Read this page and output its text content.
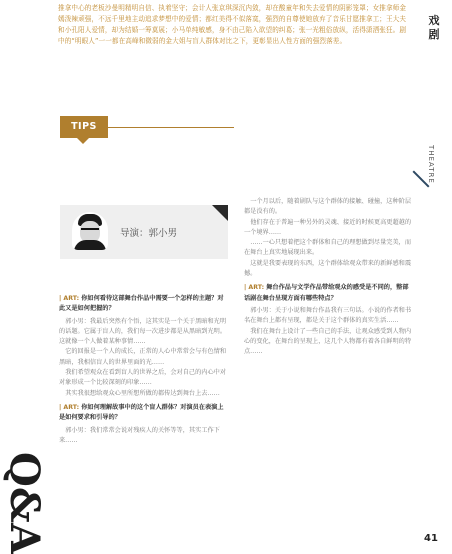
推拿中心的老板沙曼明精明自信、执着坚守；会计人张京琪深沉内敛，却在酸童年和失去爱情的阴影笼罩；女推拿师金嫣泼辣顽强，不远千里地主动追求梦想中的爱情；都红美得不似落寞，强烈的自尊使她放弃了音乐甘愿推拿工；王大夫和小孔阳人爱情，却为结婚一筹莫展；小马单纯敏感，身不由己陷入欲望的纠葛；张一光粗俗放纵，活得潇洒张狂。剧中的“明眼人”一一都在高峰和微弱的金大姐与盲人群体对比之下，更彰显出人性方面的强烈落差。

戏剧
THEATRE
TIPS
导演：郭小男
| ART: 你如何看待这部舞台作品中需要一个怎样的主题？对此又是如何把握的？

郭小男：我最后突然有个悟，这其实是一个关于黑暗和光明的话题。它属于盲人的，我们每一次进步都是从黑暗到光明。这就像一个人做着某种事情……

它的回报是一个人的成长，正常的人心中常常会与有色情和黑暗，我相信盲人的世界里面的光……

我们希望观众在看到盲人的世界之后，会对自己的内心中对对象形成一个比较深刻的印象……

其实我很想给观众心里所想所做的都传达到舞台上去……

| ART: 你如何理解故事中的这个盲人群体？对演员在表演上是如何要求和引导的？

郭小男：我们常常会说对残疾人的关怀等等，其实工作下来……

一个月以后，随着剧队与这个群体的接触、碰撞，这种阶层都是没有的。

他们存在于普遍一种另外的灵魂、接近的时候更高更超越的一个境界……

……一心只想着把这个群体和自己的理想做到尽量完美，而在舞台上真实地展现出来。

这就是我要表现的东西，这个群体给观众带来的新鲜感和震撼。

| ART: 舞台作品与文学作品带给观众的感受是不同的，整部话剧在舞台呈现方面有哪些特点？

郭小男：关于小说和舞台作品我有三句话。小说的作者和书名在舞台上都有呈现，都是关于这个群体的真实生活……

我们在舞台上设计了一些自己的手法，让观众感受到人物内心的变化，在舞台的呈现上，这几个人物都有着各自鲜明的特点……

Q&A	41
